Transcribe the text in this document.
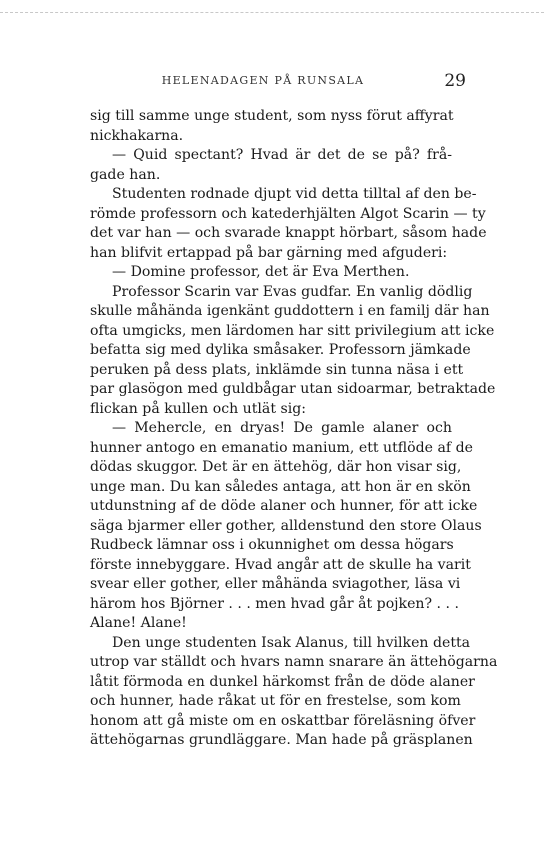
HELENADAGEN PÅ RUNSALA	29
sig till samme unge student, som nyss förut affyrat
nickhakarna.
— Quid spectant? Hvad är det de se på? frå-
gade han.
Studenten rodnade djupt vid detta tilltal af den be-
römde professorn och katederhjälten Algot Scarin — ty
det var han — och svarade knappt hörbart, såsom hade
han blifvit ertappad på bar gärning med afguderi:
— Domine professor, det är Eva Merthen.
Professor Scarin var Evas gudfar. En vanlig dödlig
skulle måhända igenkänt guddottern i en familj där han
ofta umgicks, men lärdomen har sitt privilegium att icke
befatta sig med dylika småsaker. Professorn jämkade
peruken på dess plats, inklämde sin tunna näsa i ett
par glasögon med guldbågar utan sidoarmar, betraktade
flickan på kullen och utlät sig:
— Mehercle, en dryas! De gamle alaner och
hunner antogo en emanatio manium, ett utflöde af de
dödas skuggor. Det är en ättehög, där hon visar sig,
unge man. Du kan således antaga, att hon är en skön
utdunstning af de döde alaner och hunner, för att icke
säga bjarmer eller gother, alldenstund den store Olaus
Rudbeck lämnar oss i okunnighet om dessa högars
förste innebyggare. Hvad angår att de skulle ha varit
svear eller gother, eller måhända sviagother, läsa vi
härom hos Björner . . . men hvad går åt pojken? . . .
Alane! Alane!
Den unge studenten Isak Alanus, till hvilken detta
utrop var ställdt och hvars namn snarare än ättehögarna
låtit förmoda en dunkel härkomst från de döde alaner
och hunner, hade råkat ut för en frestelse, som kom
honom att gå miste om en oskattbar föreläsning öfver
ättehögarnas grundläggare. Man hade på gräsplanen
